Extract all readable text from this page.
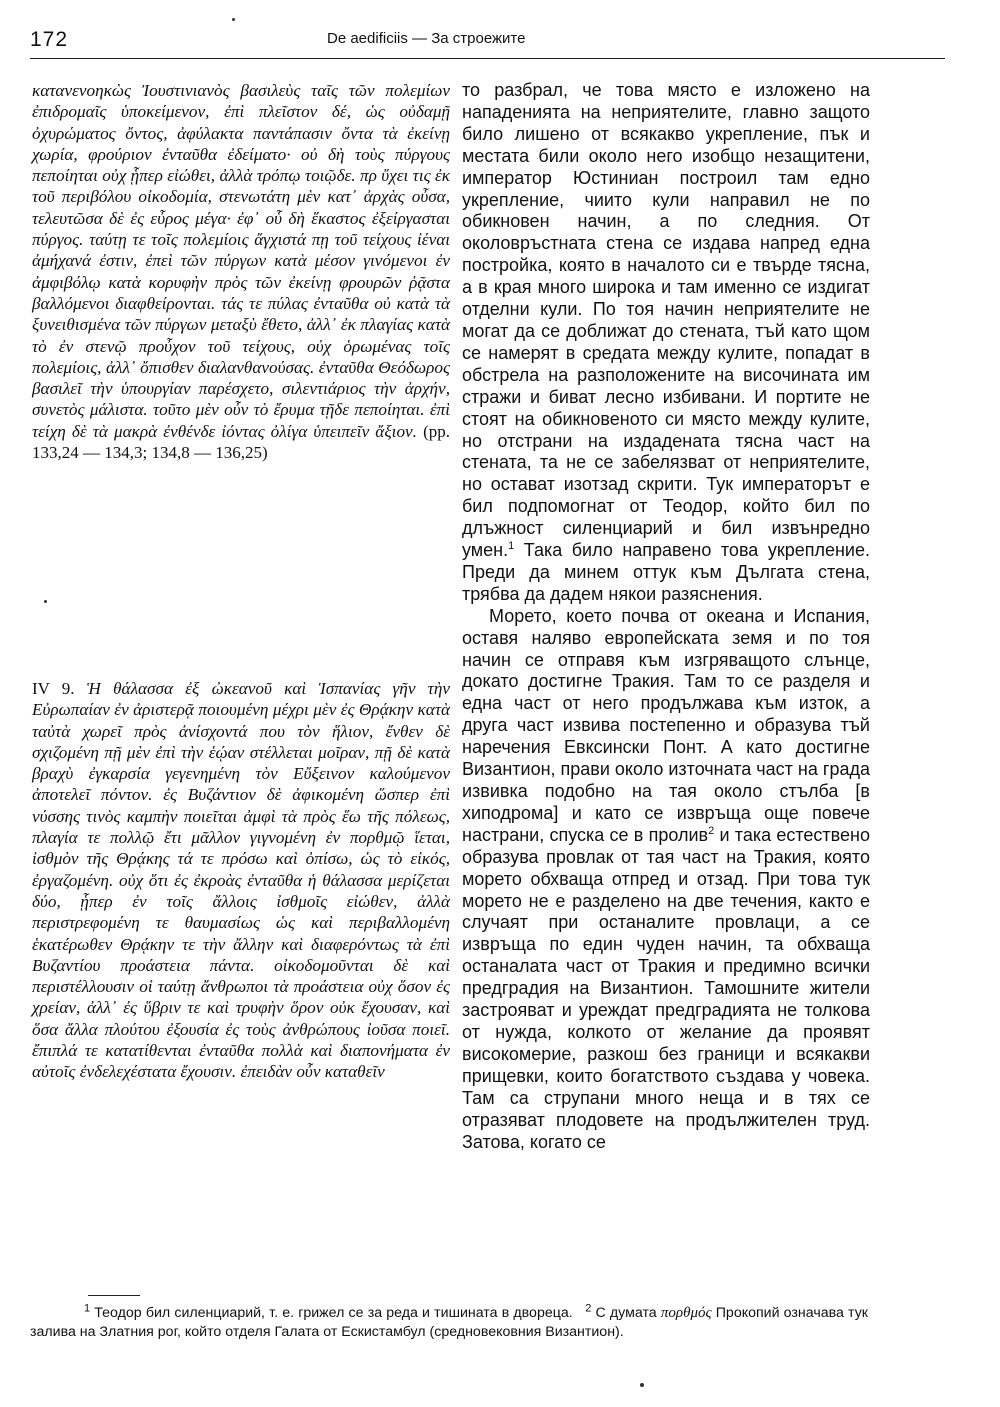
172	De aedificiis — За строежите

κατανενοηκὼς Ἰουστινιανὸς βασιλεὺς ταῖς τῶν πολεμίων ἐπιδρομαῖς ὑποκείμενον, ἐπὶ πλεῖστον δέ, ὡς οὐδαμῇ ὀχυρώματος ὄντος, ἀφύλακτα παντάπασιν ὄντα τὰ ἐκείνῃ χωρία, φρούριον ἐνταῦθα ἐδείματο· οὐ δὴ τοὺς πύργους πεποίηται οὐχ ᾗπερ εἰώθει, ἀλλὰ τρόπῳ τοιῷδε. πρ ὔχει τις ἐκ τοῦ περιβόλου οἰκοδομία, στενωτάτη μὲν κατ᾿ ἀρχὰς οὖσα, τελευτῶσα δὲ ἐς εὖρος μέγα· ἐφ᾿ οὗ δὴ ἕκαστος ἐξείργασται πύργος. ταύτῃ τε τοῖς πολεμίοις ἄγχιστά πῃ τοῦ τείχους ἰέναι ἀμήχανά ἐστιν, ἐπεὶ τῶν πύργων κατὰ μέσον γινόμενοι ἐν ἀμφιβόλῳ κατὰ κορυφὴν πρὸς τῶν ἐκείνῃ φρουρῶν ῥᾷστα βαλλόμενοι διαφθείρονται. τάς τε πύλας ἐνταῦθα οὐ κατὰ τὰ ξυνειθισμένα τῶν πύργων μεταξὺ ἔθετο, ἀλλ᾿ ἐκ πλαγίας κατὰ τὸ ἐν στενῷ προὖχον τοῦ τείχους, οὐχ ὁρωμένας τοῖς πολεμίοις, ἀλλ᾿ ὄπισθεν διαλανθανούσας. ἐνταῦθα Θεόδωρος βασιλεῖ τὴν ὑπουργίαν παρέσχετο, σιλεντιάριος τὴν ἀρχήν, συνετὸς μάλιστα. τοῦτο μὲν οὖν τὸ ἔρυμα τῇδε πεποίηται. ἐπὶ τείχη δὲ τὰ μακρὰ ἐνθένδε ἰόντας ὀλίγα ὑπειπεῖν ἄξιον. (pp. 133,24 — 134,3; 134,8 — 136,25)

IV 9. Ἡ θάλασσα ἐξ ὠκεανοῦ καὶ Ἱσπανίας γῆν τὴν Εὐρωπαίαν ἐν ἀριστερᾷ ποιουμένη μέχρι μὲν ἐς Θρᾴκην κατὰ ταὐτὰ χωρεῖ πρὸς ἀνίσχοντά που τὸν ἥλιον, ἔνθεν δὲ σχιζομένη πῇ μὲν ἐπὶ τὴν ἑῴαν στέλλεται μοῖραν, πῇ δὲ κατὰ βραχὺ ἐγκαρσία γεγενημένη τὸν Εὔξεινον καλούμενον ἀποτελεῖ πόντον. ἐς Βυζάντιον δὲ ἀφικομένη ὥσπερ ἐπὶ νύσσης τινὸς καμπὴν ποιεῖται ἀμφὶ τὰ πρὸς ἕω τῆς πόλεως, πλαγία τε πολλῷ ἔτι μᾶλλον γιγνομένη ἐν πορθμῷ ἵεται, ἰσθμὸν τῆς Θρᾴκης τά τε πρόσω καὶ ὀπίσω, ὡς τὸ εἰκός, ἐργαζομένη. οὐχ ὅτι ἐς ἐκροὰς ἐνταῦθα ἡ θάλασσα μερίζεται δύο, ᾗπερ ἐν τοῖς ἄλλοις ἰσθμοῖς εἰώθεν, ἀλλὰ περιστρεφομένη τε θαυμασίως ὡς καὶ περιβαλλομένη ἑκατέρωθεν Θρᾴκην τε τὴν ἄλλην καὶ διαφερόντως τὰ ἐπὶ Βυζαντίου προάστεια πάντα. οἰκοδομοῦνται δὲ καὶ περιστέλλουσιν οἱ ταύτῃ ἄνθρωποι τὰ προάστεια οὐχ ὅσον ἐς χρείαν, ἀλλ᾿ ἐς ὕβριν τε καὶ τρυφὴν ὅρον οὐκ ἔχουσαν, καὶ ὅσα ἄλλα πλούτου ἐξουσία ἐς τοὺς ἀνθρώπους ἰοῦσα ποιεῖ. ἔπιπλά τε κατατίθενται ἐνταῦθα πολλὰ καὶ διαπονήματα ἐν αὐτοῖς ἐνδελεχέστατα ἔχουσιν. ἐπειδὰν οὖν καταθεῖν

то разбрал, че това място е изложено на нападенията на неприятелите, главно защото било лишено от всякакво укрепление, пък и местата били около него изобщо незащитени, император Юстиниан построил там едно укрепление, чиито кули направил не по обикновен начин, а по следния. От околовръстната стена се издава напред една постройка, която в началото си е твърде тясна, а в края много широка и там именно се издигат отделни кули. По тоя начин неприятелите не могат да се доближат до стената, тъй като щом се намерят в средата между кулите, попадат в обстрела на разположените на височината им стражи и биват лесно избивани. И портите не стоят на обикновеното си място между кулите, но отстрани на издадената тясна част на стената, та не се забелязват от неприятелите, но остават изотзад скрити. Тук императорът е бил подпомогнат от Теодор, който бил по длъжност силенциарий и бил извънредно умен.$^1$ Така било направено това укрепление. Преди да минем оттук към Дългата стена, трябва да дадем някои разяснения.

Морето, което почва от океана и Испания, оставя наляво европейската земя и по тоя начин се отправя към изгряващото слънце, докато достигне Тракия. Там то се разделя и една част от него продължава към изток, а друга част извива постепенно и образува тъй наречения Евксински Понт. А като достигне Византион, прави около източната част на града извивка подобно на тая около стълба [в хиподрома] и като се извръща още повече настрани, спуска се в пролив$^2$ и така естествено образува провлак от тая част на Тракия, която морето обхваща отпред и отзад. При това тук морето не е разделено на две течения, както е случаят при останалите провлаци, а се извръща по един чуден начин, та обхваща останалата част от Тракия и предимно всички предградия на Византион. Тамошните жители застрояват и уреждат предградията не толкова от нужда, колкото от желание да проявят високомерие, разкош без граници и всякакви прищевки, които богатството създава у човека. Там са струпани много неща и в тях се отразяват плодовете на продължителен труд. Затова, когато се

$^1$ Теодор бил силенциарий, т. е. грижел се за реда и тишината в двореца. $^2$ С думата πορθμός Прокопий означава тук залива на Златния рог, който отделя Галата от Ескистамбул (средновековния Византион).
